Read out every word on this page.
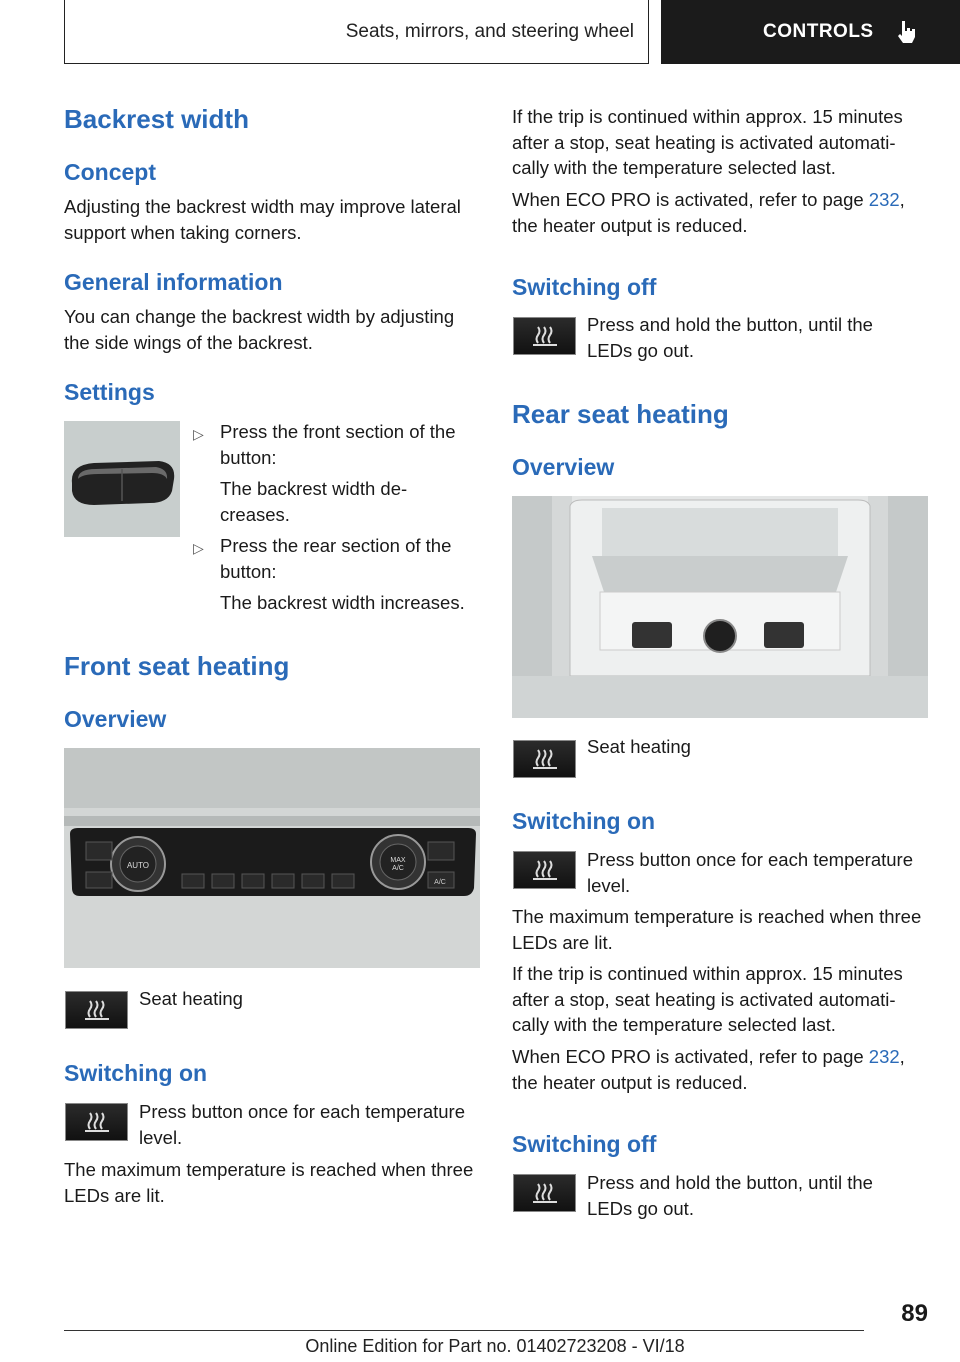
Seats, mirrors, and steering wheel	CONTROLS
Backrest width
Concept

Adjusting the backrest width may improve lateral support when taking corners.

General information

You can change the backrest width by adjusting the side wings of the backrest.

Settings
▷ Press the front section of the button:

The backrest width de-creases.

▷ Press the rear section of the button:

The backrest width increases.

Front seat heating
Overview
AUTO
MAX
A/C
A/C

Seat heating

Switching on

Press button once for each temperature level.

The maximum temperature is reached when three LEDs are lit.

If the trip is continued within approx. 15 minutes after a stop, seat heating is activated automati-cally with the temperature selected last.

When ECO PRO is activated, refer to page 232, the heater output is reduced.

Switching off

Press and hold the button, until the LEDs go out.

Rear seat heating
Overview

Seat heating

Switching on

Press button once for each temperature level.

The maximum temperature is reached when three LEDs are lit.

If the trip is continued within approx. 15 minutes after a stop, seat heating is activated automati-cally with the temperature selected last.

When ECO PRO is activated, refer to page 232, the heater output is reduced.

Switching off

Press and hold the button, until the LEDs go out.

89
Online Edition for Part no. 01402723208 - VI/18
